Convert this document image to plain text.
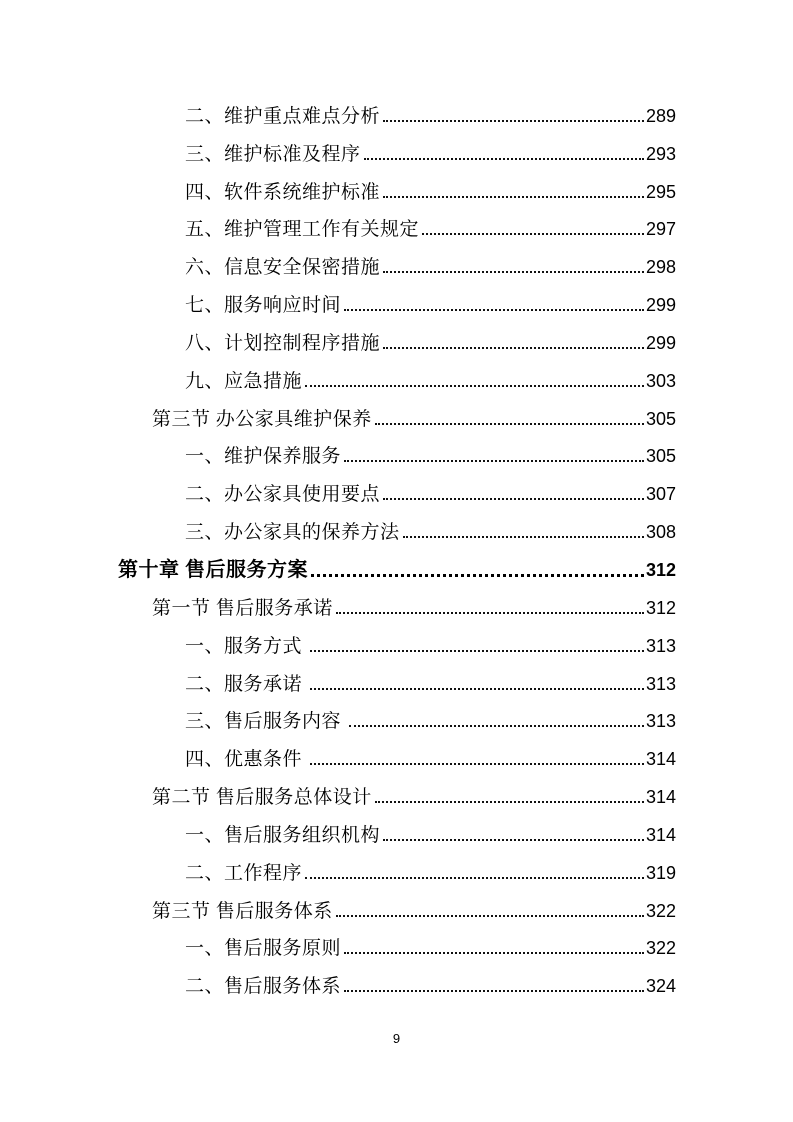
二、维护重点难点分析	289
三、维护标准及程序	293
四、软件系统维护标准	295
五、维护管理工作有关规定	297
六、信息安全保密措施	298
七、服务响应时间	299
八、计划控制程序措施	299
九、应急措施	303
第三节 办公家具维护保养	305
一、维护保养服务	305
二、办公家具使用要点	307
三、办公家具的保养方法	308
第十章 售后服务方案	312
第一节 售后服务承诺	312
一、服务方式	313
二、服务承诺	313
三、售后服务内容	313
四、优惠条件	314
第二节 售后服务总体设计	314
一、售后服务组织机构	314
二、工作程序	319
第三节 售后服务体系	322
一、售后服务原则	322
二、售后服务体系	324
9
